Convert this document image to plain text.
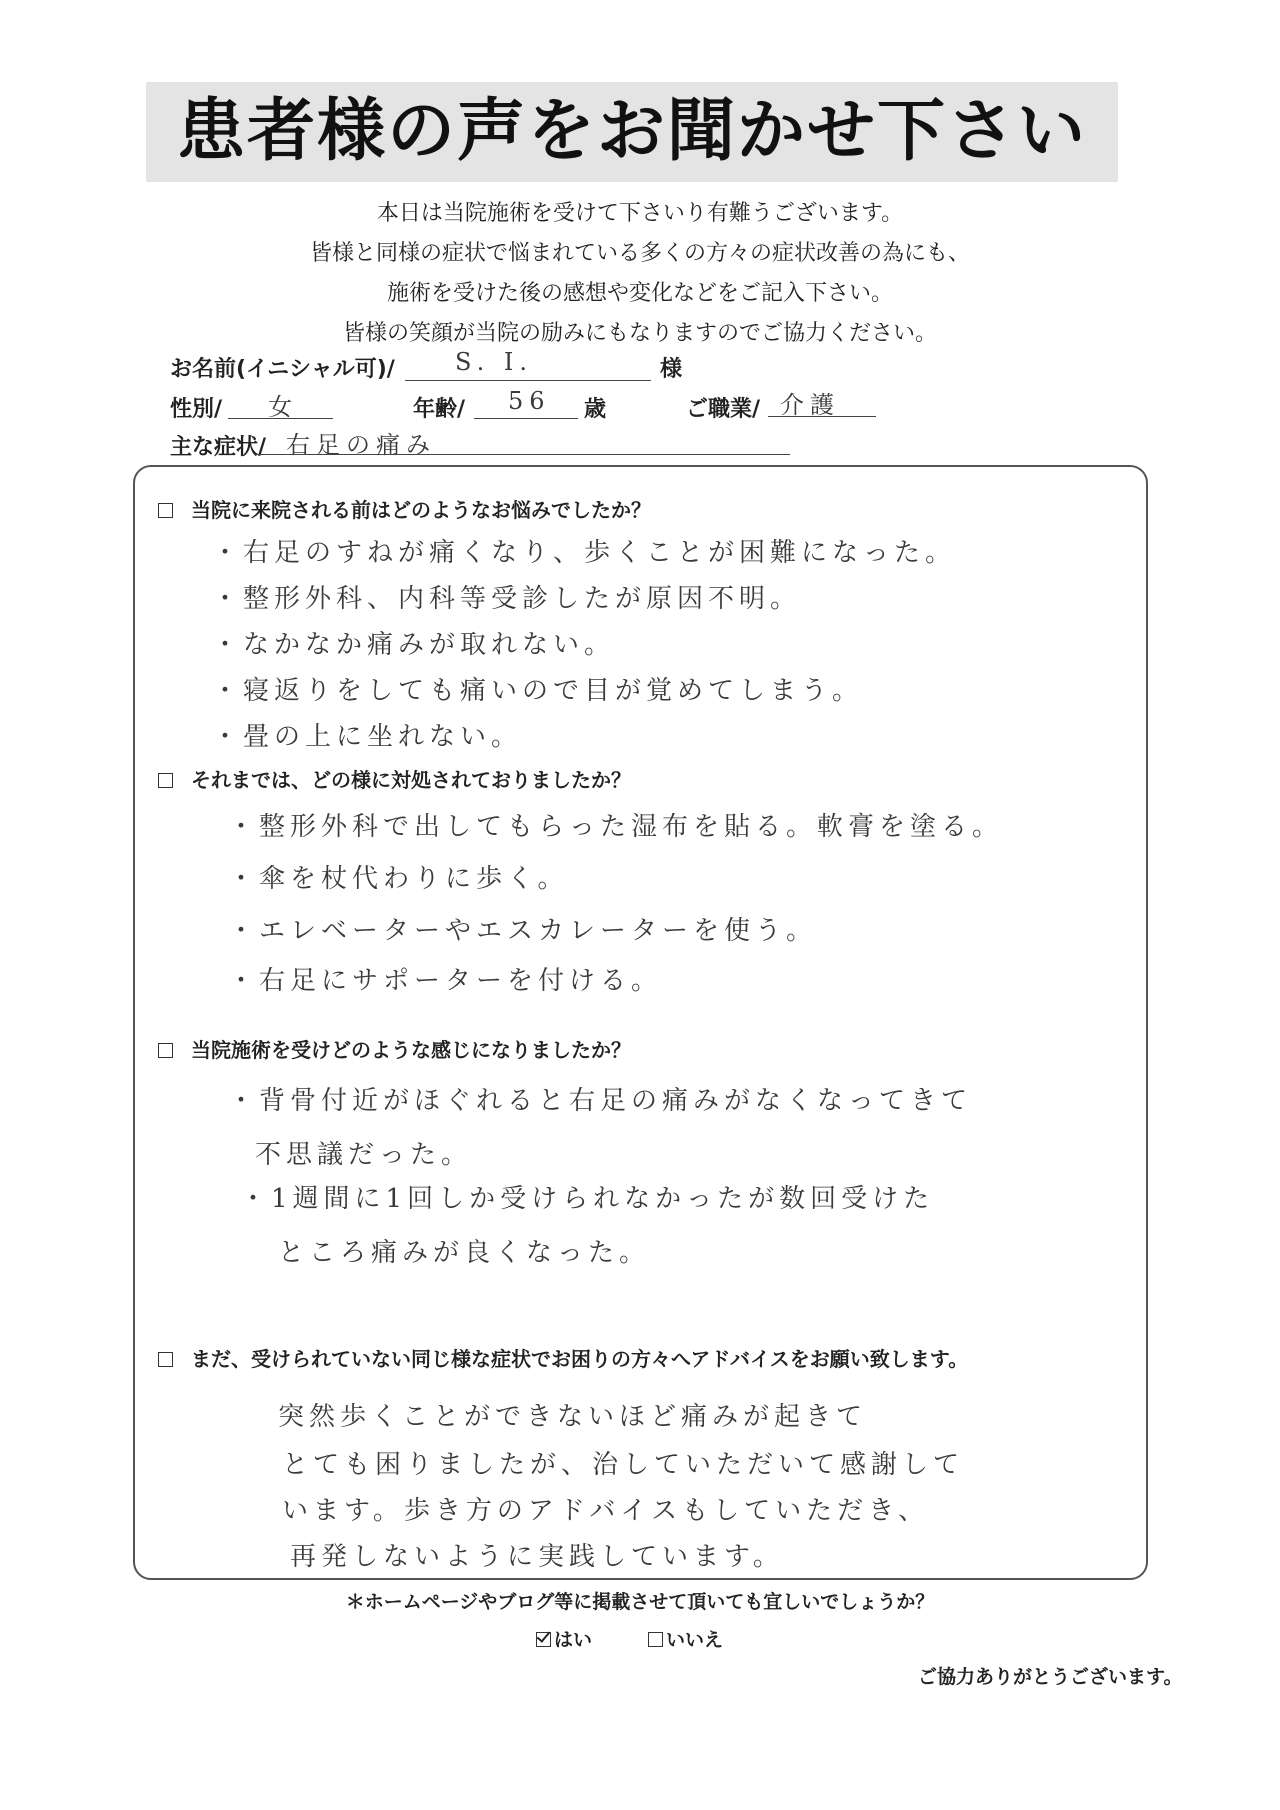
患者様の声をお聞かせ下さい
本日は当院施術を受けて下さいり有難うございます。
皆様と同様の症状で悩まれている多くの方々の症状改善の為にも、
施術を受けた後の感想や変化などをご記入下さい。
皆様の笑顔が当院の励みにもなりますのでご協力ください。
お名前(イニシャル可)/	S. I.	様
性別/ 女	年齢/ 56 歳	ご職業/ 介護
主な症状/ 右足の痛み
当院に来院される前はどのようなお悩みでしたか？
・右足のすねが痛くなり、歩くことが困難になった。
・整形外科、内科等受診したが原因不明。
・なかなか痛みが取れない。
・寝返りをしても痛いので目が覚めてしまう。
・畳の上に坐れない。
それまでは、どの様に対処されておりましたか？
・整形外科で出してもらった湿布を貼る。軟膏を塗る。
・傘を杖代わりに歩く。
・エレベーターやエスカレーターを使う。
・右足にサポーターを付ける。
当院施術を受けどのような感じになりましたか？
・背骨付近がほぐれると右足の痛みがなくなってきて
不思議だった。
・1週間に1回しか受けられなかったが数回受けた
ところ痛みが良くなった。
まだ、受けられていない同じ様な症状でお困りの方々へアドバイスをお願い致します。
突然歩くことができないほど痛みが起きて
とても困りましたが、治していただいて感謝して
います。歩き方のアドバイスもしていただき、
再発しないように実践しています。
＊ホームページやブログ等に掲載させて頂いても宜しいでしょうか？
はい	いいえ
ご協力ありがとうございます。
